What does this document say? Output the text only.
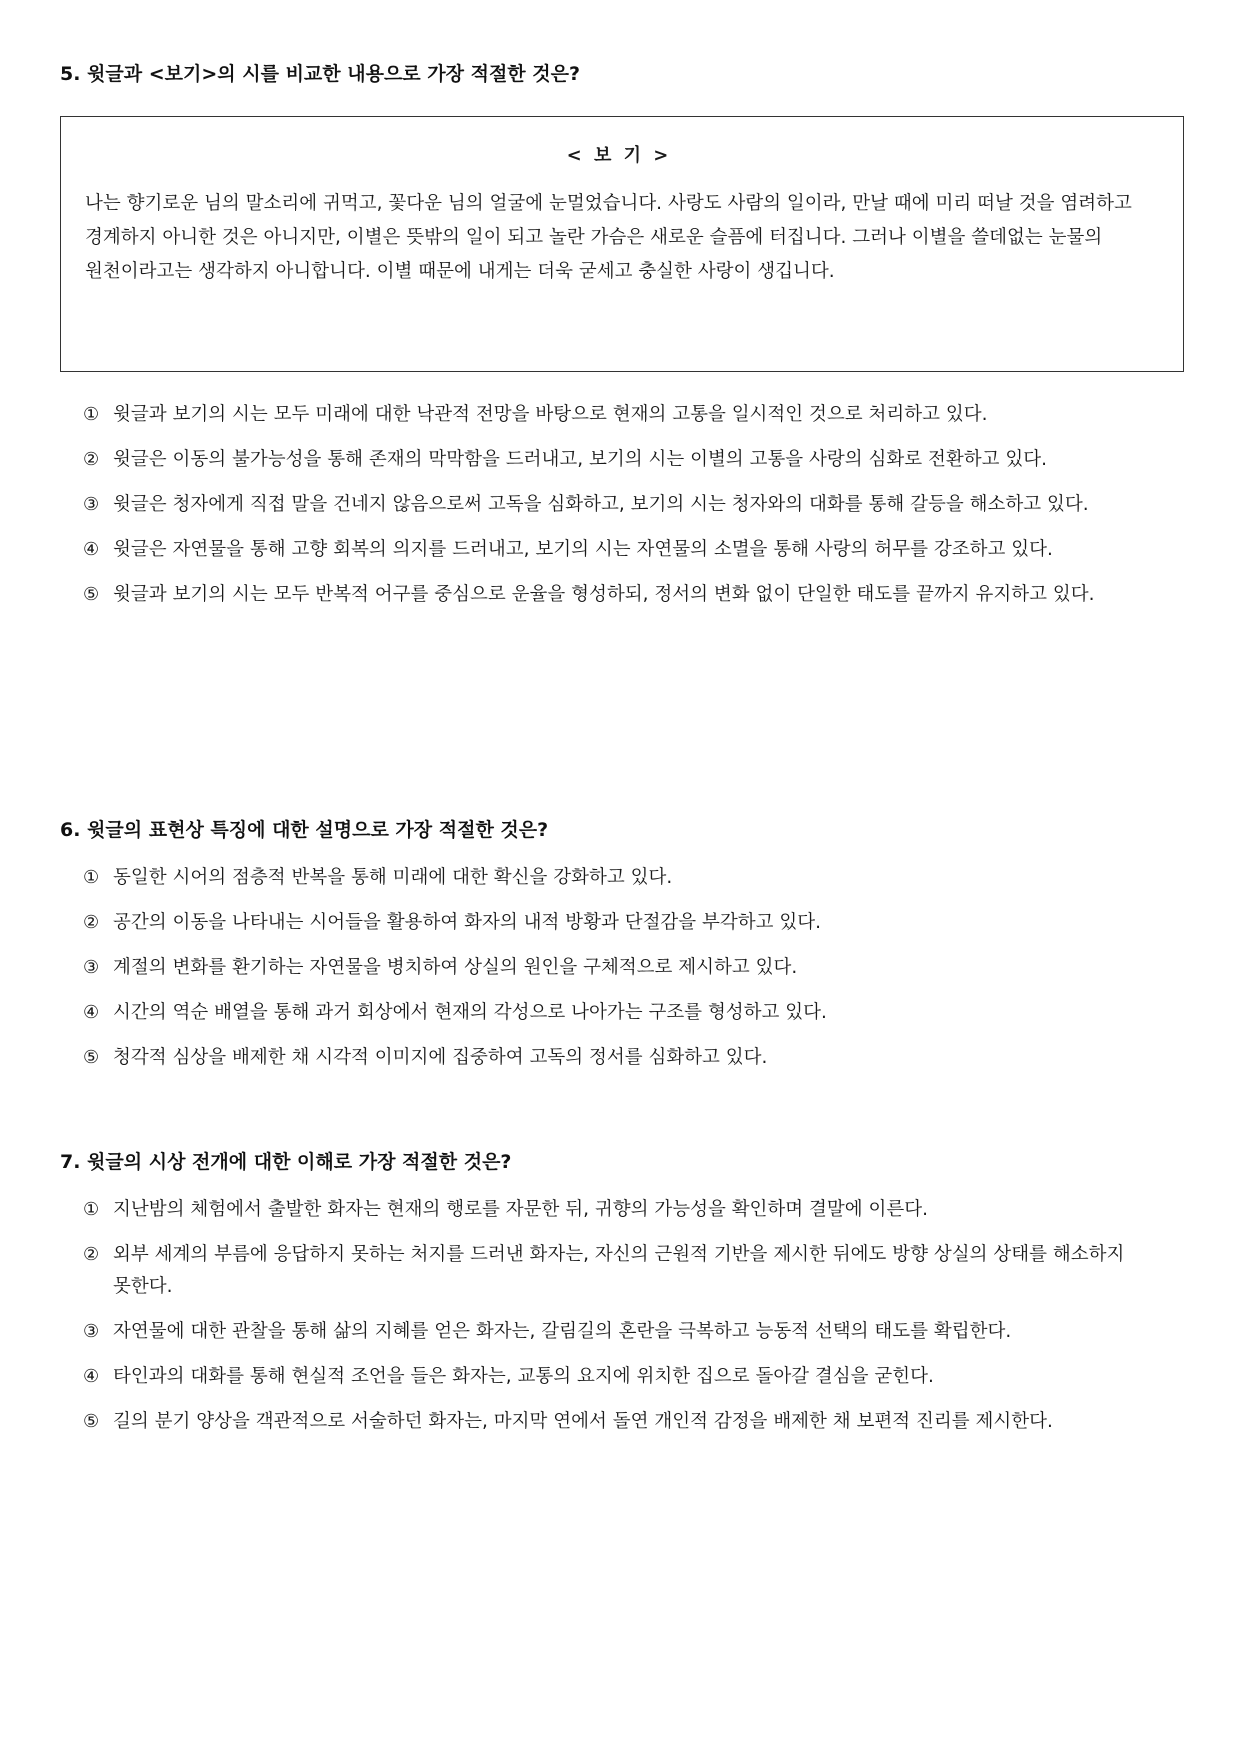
5. 윗글과 <보기>의 시를 비교한 내용으로 가장 적절한 것은?

< 보 기 >

나는 향기로운 님의 말소리에 귀먹고, 꽃다운 님의 얼굴에 눈멀었습니다. 사랑도 사람의 일이라, 만날 때에 미리 떠날 것을 염려하고 경계하지 아니한 것은 아니지만, 이별은 뜻밖의 일이 되고 놀란 가슴은 새로운 슬픔에 터집니다. 그러나 이별을 쓸데없는 눈물의 원천이라고는 생각하지 아니합니다. 이별 때문에 내게는 더욱 굳세고 충실한 사랑이 생깁니다.

① 윗글과 보기의 시는 모두 미래에 대한 낙관적 전망을 바탕으로 현재의 고통을 일시적인 것으로 처리하고 있다.
② 윗글은 이동의 불가능성을 통해 존재의 막막함을 드러내고, 보기의 시는 이별의 고통을 사랑의 심화로 전환하고 있다.
③ 윗글은 청자에게 직접 말을 건네지 않음으로써 고독을 심화하고, 보기의 시는 청자와의 대화를 통해 갈등을 해소하고 있다.
④ 윗글은 자연물을 통해 고향 회복의 의지를 드러내고, 보기의 시는 자연물의 소멸을 통해 사랑의 허무를 강조하고 있다.
⑤ 윗글과 보기의 시는 모두 반복적 어구를 중심으로 운율을 형성하되, 정서의 변화 없이 단일한 태도를 끝까지 유지하고 있다.
6. 윗글의 표현상 특징에 대한 설명으로 가장 적절한 것은?
① 동일한 시어의 점층적 반복을 통해 미래에 대한 확신을 강화하고 있다.
② 공간의 이동을 나타내는 시어들을 활용하여 화자의 내적 방황과 단절감을 부각하고 있다.
③ 계절의 변화를 환기하는 자연물을 병치하여 상실의 원인을 구체적으로 제시하고 있다.
④ 시간의 역순 배열을 통해 과거 회상에서 현재의 각성으로 나아가는 구조를 형성하고 있다.
⑤ 청각적 심상을 배제한 채 시각적 이미지에 집중하여 고독의 정서를 심화하고 있다.
7. 윗글의 시상 전개에 대한 이해로 가장 적절한 것은?
① 지난밤의 체험에서 출발한 화자는 현재의 행로를 자문한 뒤, 귀향의 가능성을 확인하며 결말에 이른다.
② 외부 세계의 부름에 응답하지 못하는 처지를 드러낸 화자는, 자신의 근원적 기반을 제시한 뒤에도 방향 상실의 상태를 해소하지 못한다.
③ 자연물에 대한 관찰을 통해 삶의 지혜를 얻은 화자는, 갈림길의 혼란을 극복하고 능동적 선택의 태도를 확립한다.
④ 타인과의 대화를 통해 현실적 조언을 들은 화자는, 교통의 요지에 위치한 집으로 돌아갈 결심을 굳힌다.
⑤ 길의 분기 양상을 객관적으로 서술하던 화자는, 마지막 연에서 돌연 개인적 감정을 배제한 채 보편적 진리를 제시한다.
